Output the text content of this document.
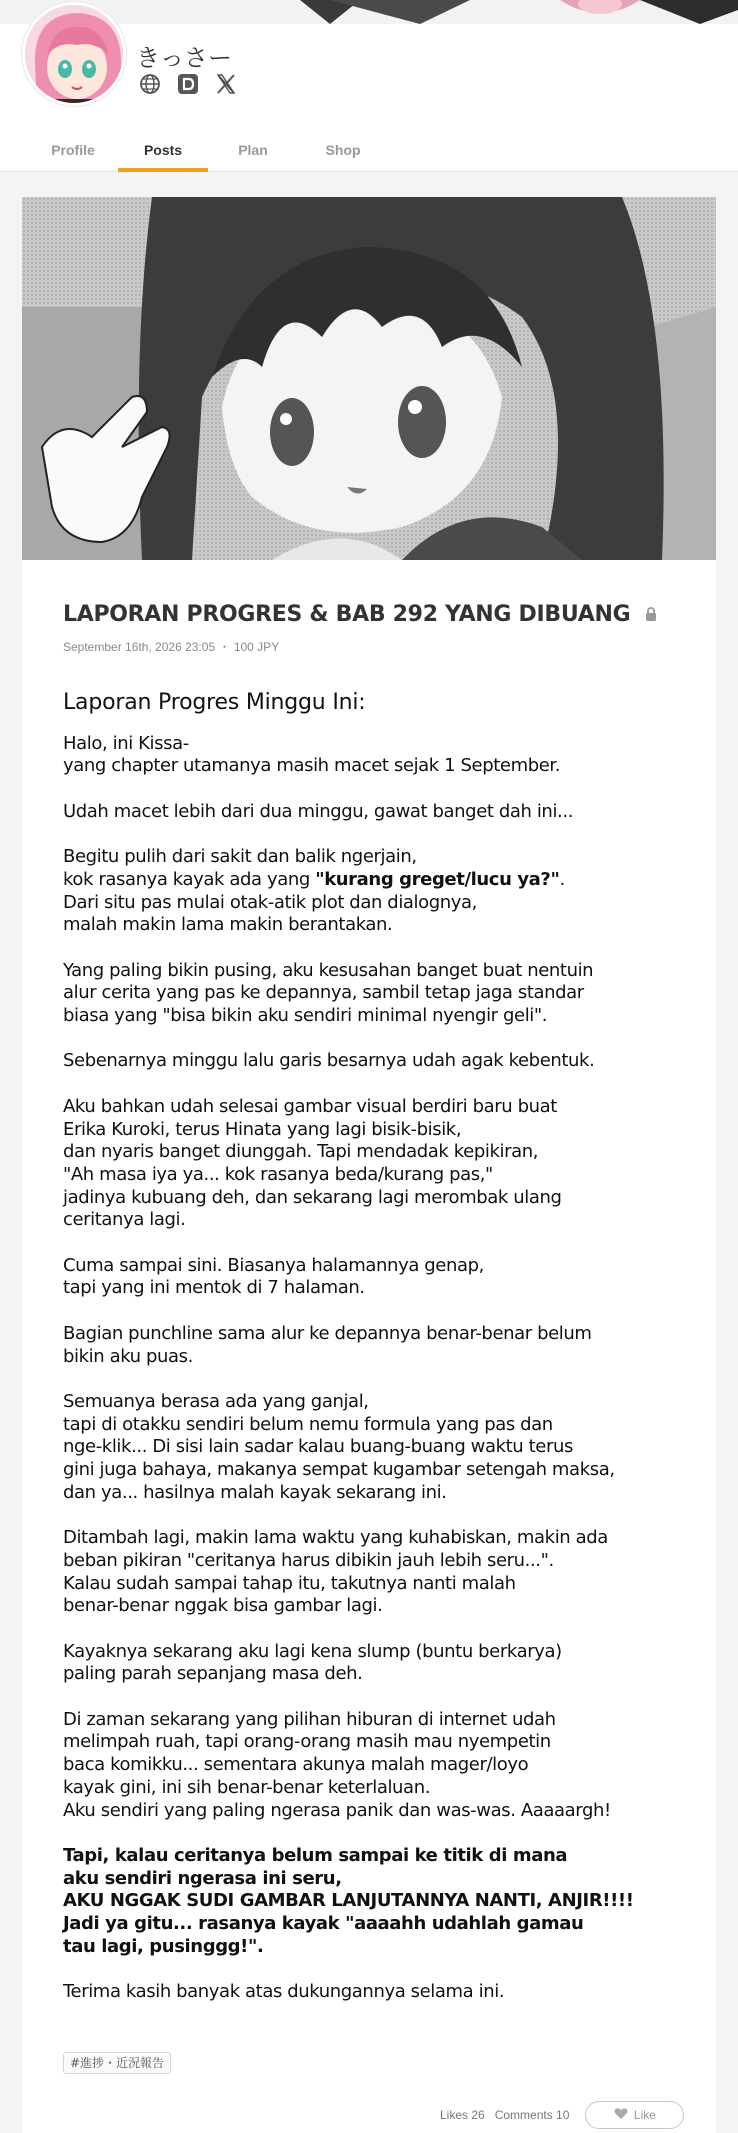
きっさー
Profile	Posts	Plan	Shop
LAPORAN PROGRES & BAB 292 YANG DIBUANG
September 16th, 2026 23:05 ・ 100 JPY
Laporan Progres Minggu Ini:

Halo, ini Kissa-
yang chapter utamanya masih macet sejak 1 September.

Udah macet lebih dari dua minggu, gawat banget dah ini...

Begitu pulih dari sakit dan balik ngerjain,
kok rasanya kayak ada yang "kurang greget/lucu ya?".
Dari situ pas mulai otak-atik plot dan dialognya,
malah makin lama makin berantakan.

Yang paling bikin pusing, aku kesusahan banget buat nentuin
alur cerita yang pas ke depannya, sambil tetap jaga standar
biasa yang "bisa bikin aku sendiri minimal nyengir geli".

Sebenarnya minggu lalu garis besarnya udah agak kebentuk.

Aku bahkan udah selesai gambar visual berdiri baru buat
Erika Kuroki, terus Hinata yang lagi bisik-bisik,
dan nyaris banget diunggah. Tapi mendadak kepikiran,
"Ah masa iya ya... kok rasanya beda/kurang pas,"
jadinya kubuang deh, dan sekarang lagi merombak ulang
ceritanya lagi.

Cuma sampai sini. Biasanya halamannya genap,
tapi yang ini mentok di 7 halaman.

Bagian punchline sama alur ke depannya benar-benar belum
bikin aku puas.

Semuanya berasa ada yang ganjal,
tapi di otakku sendiri belum nemu formula yang pas dan
nge-klik... Di sisi lain sadar kalau buang-buang waktu terus
gini juga bahaya, makanya sempat kugambar setengah maksa,
dan ya... hasilnya malah kayak sekarang ini.

Ditambah lagi, makin lama waktu yang kuhabiskan, makin ada
beban pikiran "ceritanya harus dibikin jauh lebih seru...".
Kalau sudah sampai tahap itu, takutnya nanti malah
benar-benar nggak bisa gambar lagi.

Kayaknya sekarang aku lagi kena slump (buntu berkarya)
paling parah sepanjang masa deh.

Di zaman sekarang yang pilihan hiburan di internet udah
melimpah ruah, tapi orang-orang masih mau nyempetin
baca komikku... sementara akunya malah mager/loyo
kayak gini, ini sih benar-benar keterlaluan.
Aku sendiri yang paling ngerasa panik dan was-was. Aaaaargh!

Tapi, kalau ceritanya belum sampai ke titik di mana
aku sendiri ngerasa ini seru,
AKU NGGAK SUDI GAMBAR LANJUTANNYA NANTI, ANJIR!!!!
Jadi ya gitu... rasanya kayak "aaaahh udahlah gamau
tau lagi, pusinggg!".

Terima kasih banyak atas dukungannya selama ini.

#進捗・近況報告
Likes 26 Comments 10	Like
